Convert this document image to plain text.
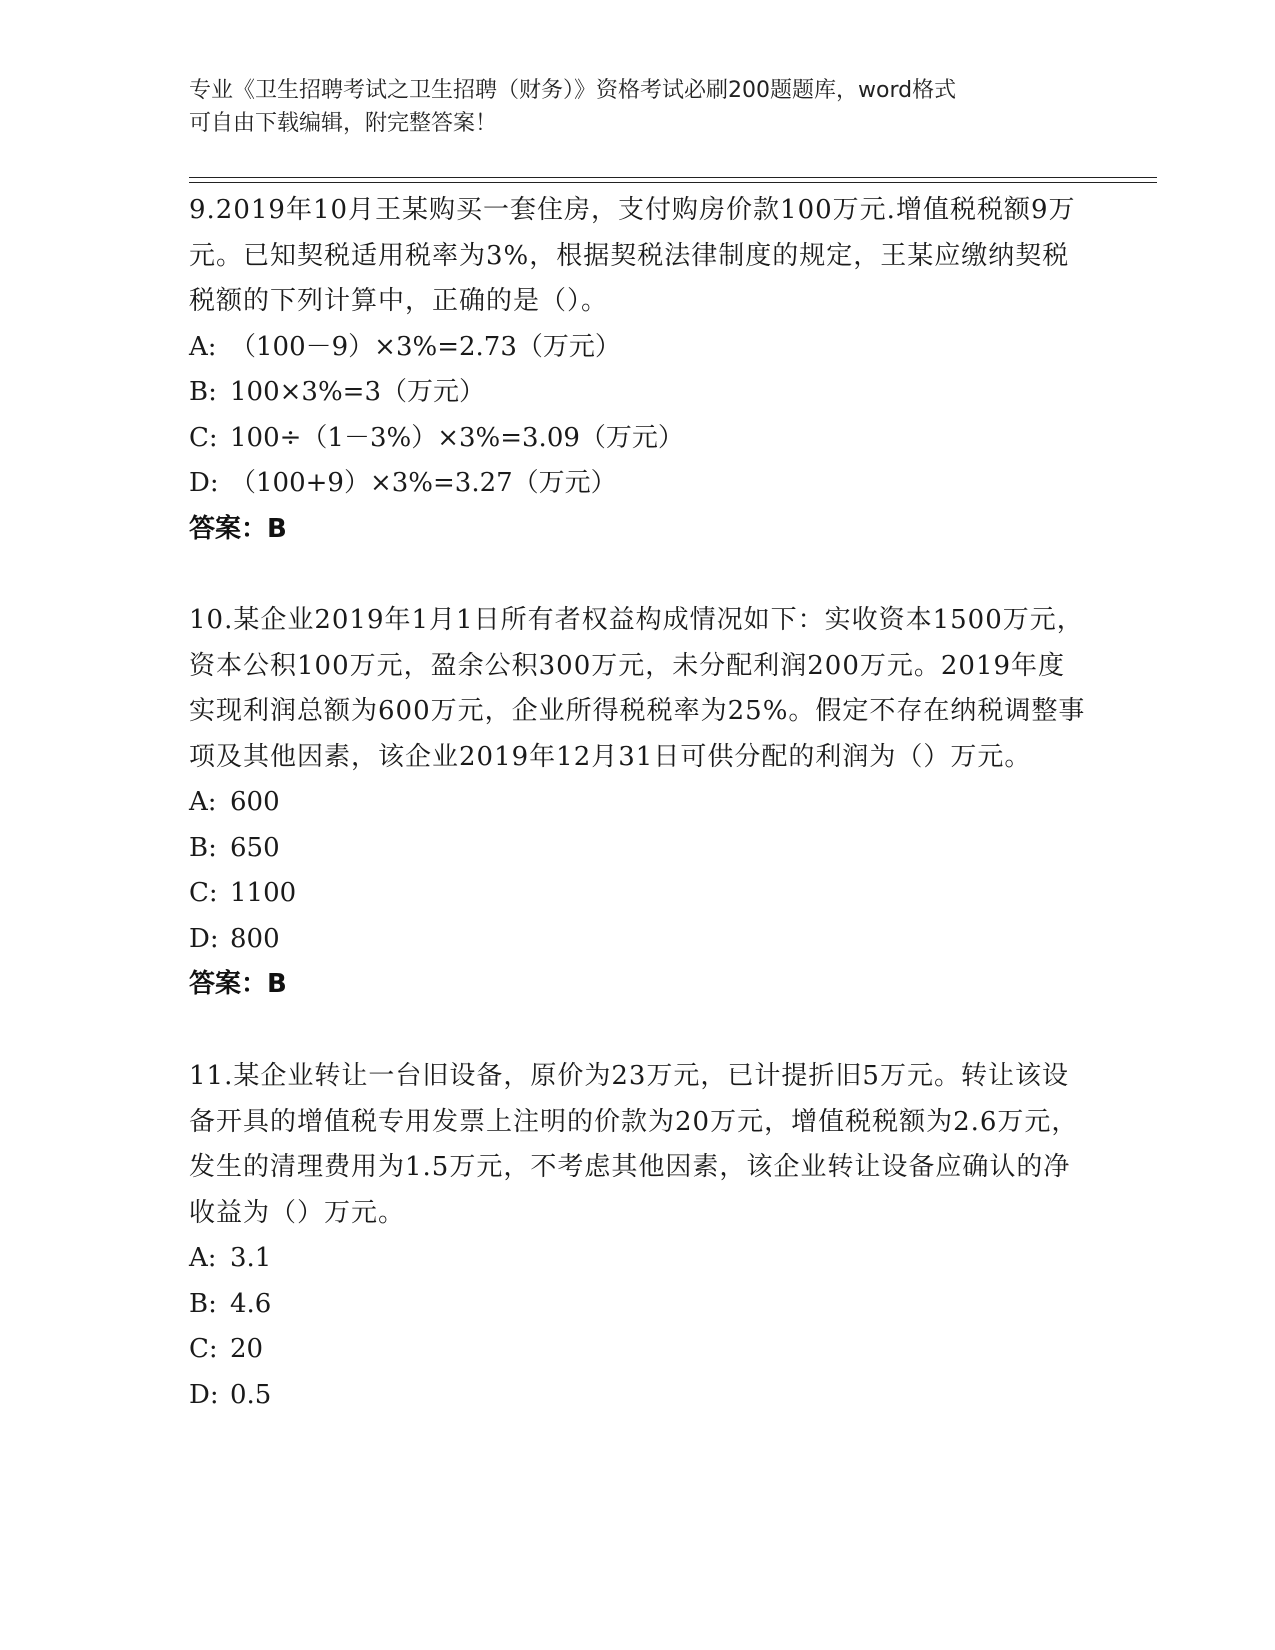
专业《卫生招聘考试之卫生招聘（财务）》资格考试必刷200题题库，word格式
可自由下载编辑，附完整答案！

9.2019年10月王某购买一套住房，支付购房价款100万元.增值税税额9万元。已知契税适用税率为3%，根据契税法律制度的规定，王某应缴纳契税税额的下列计算中，正确的是（）。

A: （100－9）×3%=2.73（万元）
B: 100×3%=3（万元）
C: 100÷（1－3%）×3%=3.09（万元）
D: （100+9）×3%=3.27（万元）
答案：B

10.某企业2019年1月1日所有者权益构成情况如下：实收资本1500万元，资本公积100万元，盈余公积300万元，未分配利润200万元。2019年度实现利润总额为600万元，企业所得税税率为25%。假定不存在纳税调整事项及其他因素，该企业2019年12月31日可供分配的利润为（）万元。

A: 600
B: 650
C: 1100
D: 800
答案：B

11.某企业转让一台旧设备，原价为23万元，已计提折旧5万元。转让该设备开具的增值税专用发票上注明的价款为20万元，增值税税额为2.6万元，发生的清理费用为1.5万元，不考虑其他因素，该企业转让设备应确认的净收益为（）万元。

A: 3.1
B: 4.6
C: 20
D: 0.5
